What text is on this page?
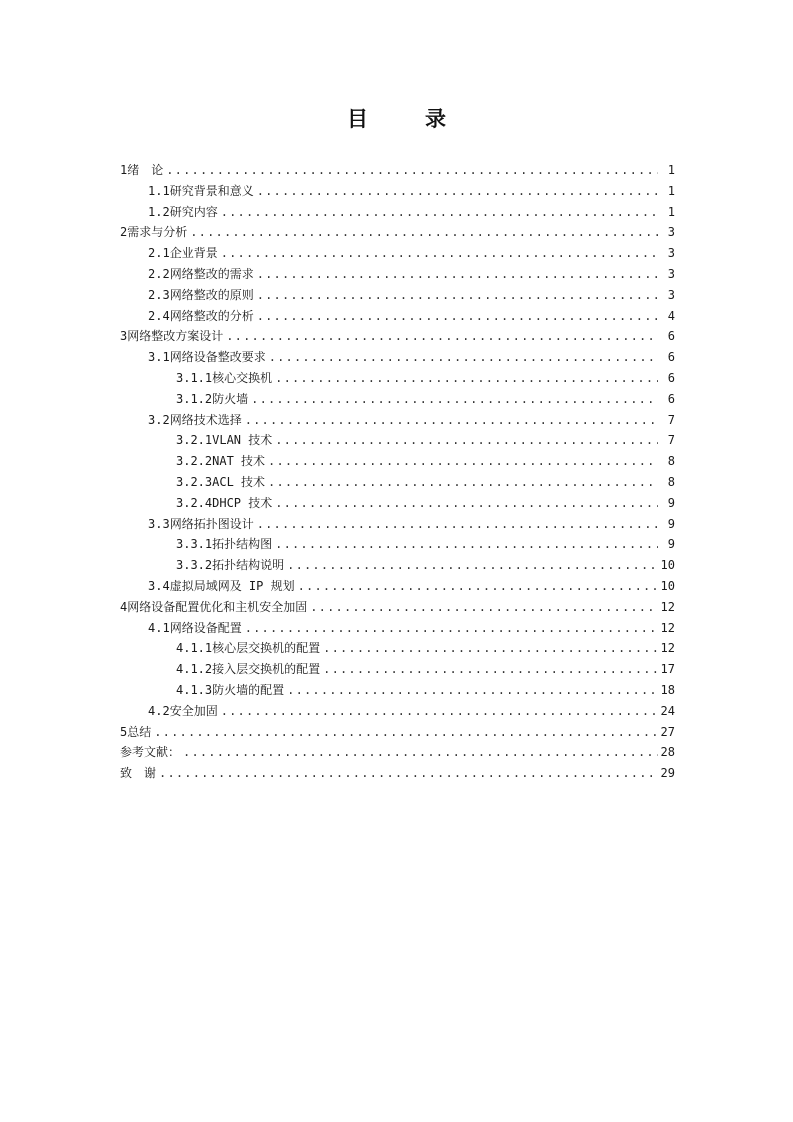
目　录
1 绪　论 .....	1
1.1 研究背景和意义 .....	1
1.2 研究内容 .....	1
2 需求与分析 .....	3
2.1 企业背景 .....	3
2.2 网络整改的需求 .....	3
2.3 网络整改的原则 .....	3
2.4 网络整改的分析 .....	4
3 网络整改方案设计 .....	6
3.1 网络设备整改要求 .....	6
3.1.1 核心交换机 .....	6
3.1.2 防火墙 .....	6
3.2 网络技术选择 .....	7
3.2.1 VLAN 技术 .....	7
3.2.2 NAT 技术 .....	8
3.2.3 ACL 技术 .....	8
3.2.4 DHCP 技术 .....	9
3.3 网络拓扑图设计 .....	9
3.3.1 拓扑结构图 .....	9
3.3.2 拓扑结构说明 .....	10
3.4 虚拟局域网及 IP 规划 .....	10
4 网络设备配置优化和主机安全加固 .....	12
4.1 网络设备配置 .....	12
4.1.1 核心层交换机的配置 .....	12
4.1.2 接入层交换机的配置 .....	17
4.1.3 防火墙的配置 .....	18
4.2 安全加固 .....	24
5 总结 .....	27
参考文献： .....	28
致　谢 .....	29
